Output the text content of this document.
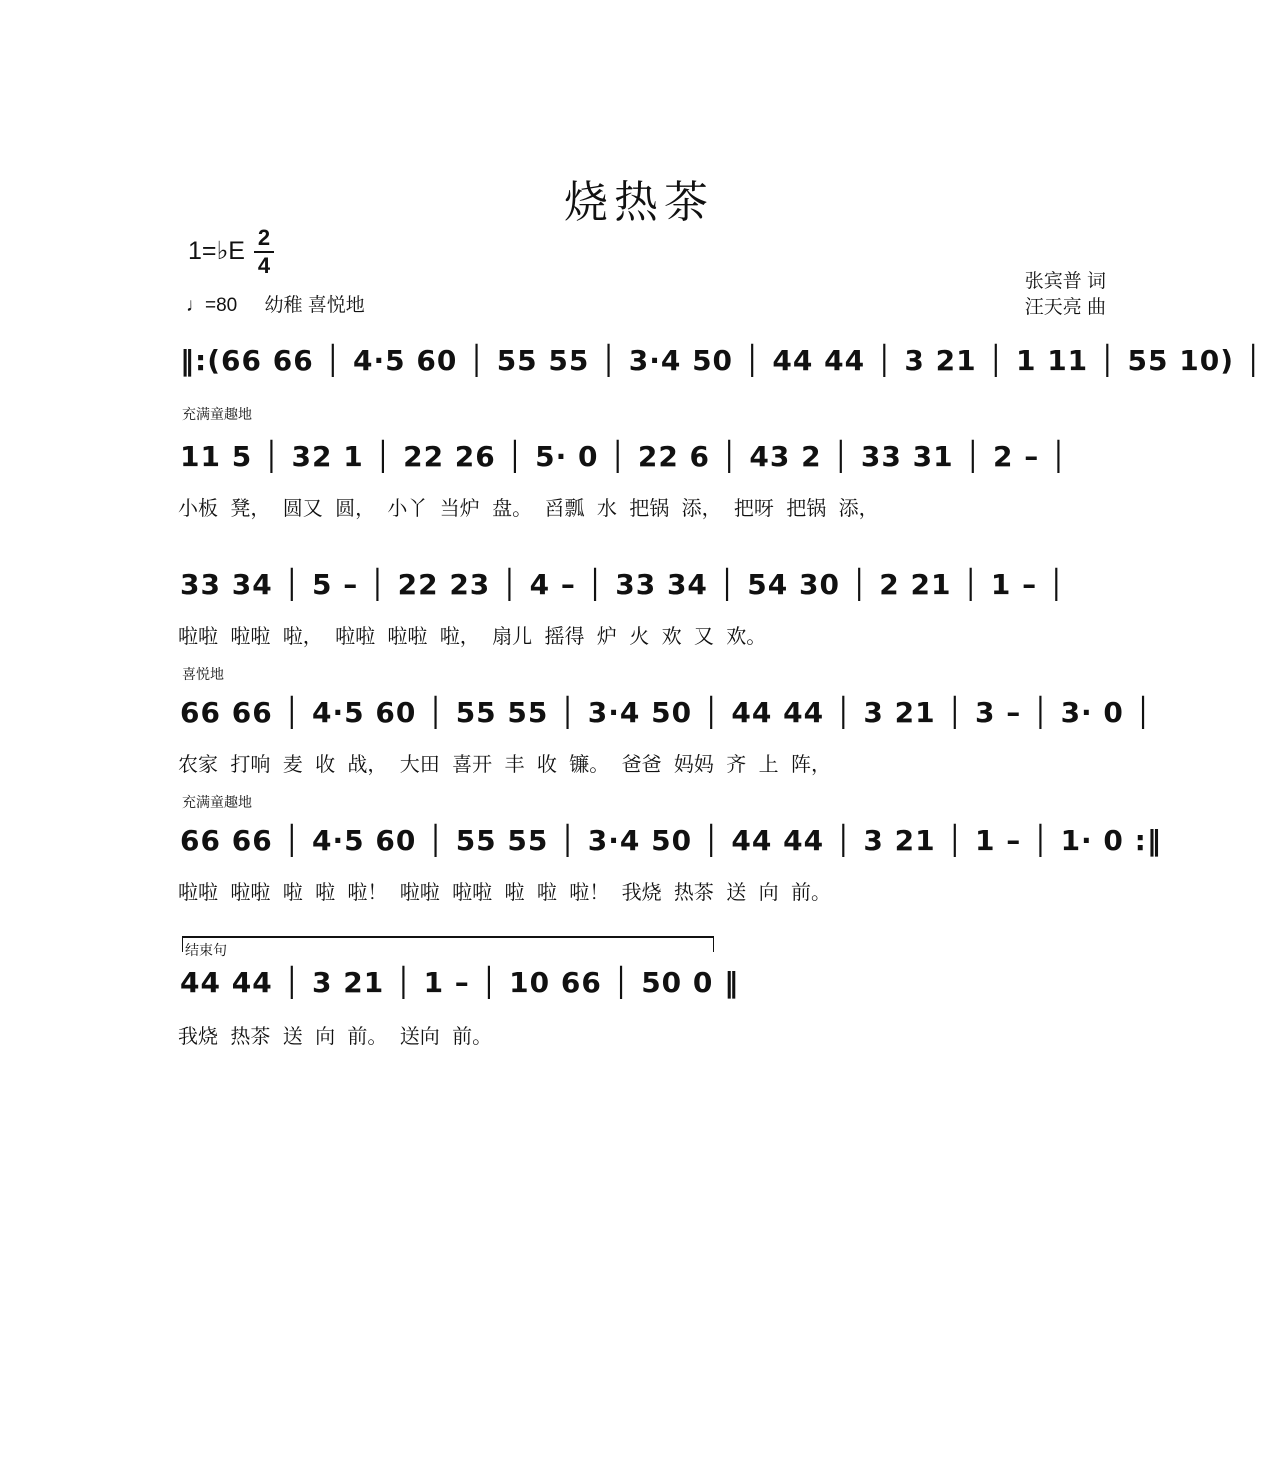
烧热茶
1=♭E 2
4
♩=80 幼稚 喜悦地
张宾普 词
汪天亮 曲
‖:(66 66 │ 4·5 60 │ 55 55 │ 3·4 50 │ 44 44 │ 3 21 │ 1 11 │ 55 10) │
充满童趣地
11 5 │ 32 1 │ 22 26 │ 5· 0 │ 22 6 │ 43 2 │ 33 31 │ 2 – │
小板 凳， 圆又 圆， 小丫 当炉 盘。 舀瓢 水 把锅 添， 把呀 把锅 添，
33 34 │ 5 – │ 22 23 │ 4 – │ 33 34 │ 54 30 │ 2 21 │ 1 – │
啦啦 啦啦 啦， 啦啦 啦啦 啦， 扇儿 摇得 炉 火 欢 又 欢。
喜悦地
66 66 │ 4·5 60 │ 55 55 │ 3·4 50 │ 44 44 │ 3 21 │ 3 – │ 3· 0 │
农家 打响 麦 收 战， 大田 喜开 丰 收 镰。 爸爸 妈妈 齐 上 阵，
充满童趣地
66 66 │ 4·5 60 │ 55 55 │ 3·4 50 │ 44 44 │ 3 21 │ 1 – │ 1· 0 :‖
啦啦 啦啦 啦 啦 啦！ 啦啦 啦啦 啦 啦 啦！ 我烧 热茶 送 向 前。
结束句
44 44 │ 3 21 │ 1 – │ 10 66 │ 50 0 ‖
我烧 热茶 送 向 前。 送向 前。
